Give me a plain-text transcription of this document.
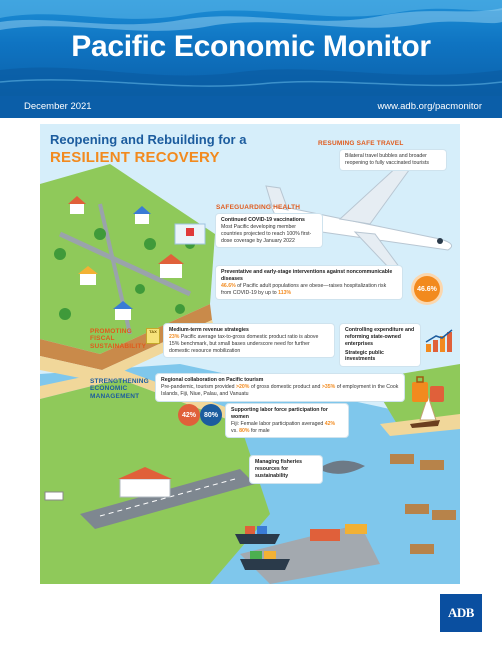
Pacific Economic Monitor
December 2021	www.adb.org/pacmonitor
Reopening and Rebuilding for a
RESILIENT RECOVERY
RESUMING SAFE TRAVEL
Bilateral travel bubbles and broader reopening to fully vaccinated tourists
SAFEGUARDING HEALTH
Continued COVID-19 vaccinations
Most Pacific developing member countries projected to reach 100% first-dose coverage by January 2022
Preventative and early-stage interventions against noncommunicable diseases
46.6% of Pacific adult populations are obese—raises hospitalization risk from COVID-19 by up to 113%
46.6%
PROMOTING FISCAL SUSTAINABILITY
TAX	Medium-term revenue strategies
23% Pacific average tax-to-gross domestic product ratio is above 15% benchmark, but small bases underscore need for further domestic resource mobilization
Controlling expenditure and reforming state-owned enterprises
Strategic public investments
STRENGTHENING ECONOMIC MANAGEMENT
Regional collaboration on Pacific tourism
Pre-pandemic, tourism provided >20% of gross domestic product and >35% of employment in the Cook Islands, Fiji, Niue, Palau, and Vanuatu
42%	80%
Supporting labor force participation for women
Fiji: Female labor participation averaged 42% vs. 80% for male
Managing fisheries resources for sustainability
ADB
